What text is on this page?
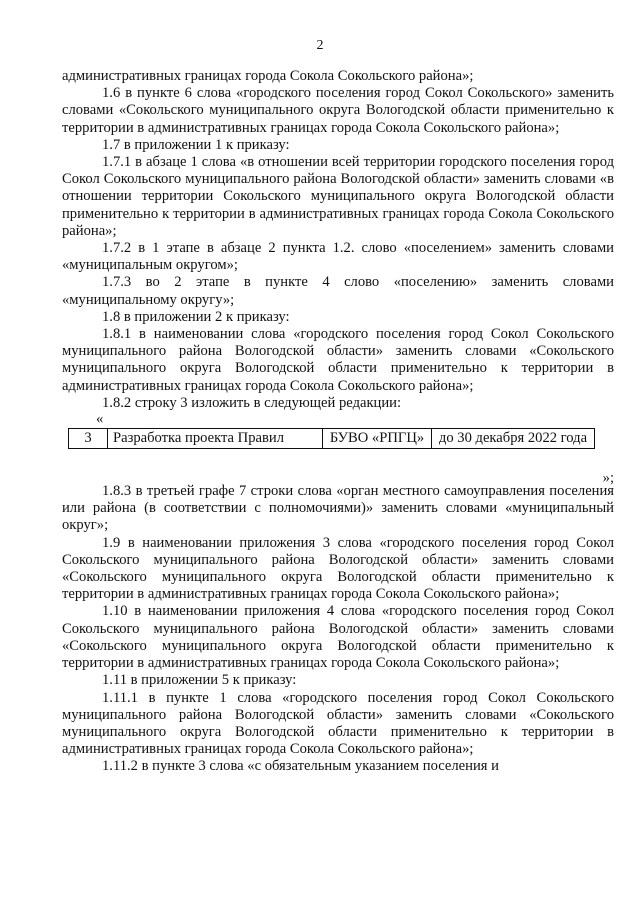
2

административных границах города Сокола Сокольского района»;

1.6 в пункте 6 слова «городского поселения город Сокол Сокольского» заменить словами «Сокольского муниципального округа Вологодской области применительно к территории в административных границах города Сокола Сокольского района»;

1.7 в приложении 1 к приказу:

1.7.1 в абзаце 1 слова «в отношении всей территории городского поселения город Сокол Сокольского муниципального района Вологодской области» заменить словами «в отношении территории Сокольского муниципального округа Вологодской области применительно к территории в административных границах города Сокола Сокольского района»;

1.7.2 в 1 этапе в абзаце 2 пункта 1.2. слово «поселением» заменить словами «муниципальным округом»;

1.7.3 во 2 этапе в пункте 4 слово «поселению» заменить словами «муниципальному округу»;

1.8 в приложении 2 к приказу:

1.8.1 в наименовании слова «городского поселения город Сокол Сокольского муниципального района Вологодской области» заменить словами «Сокольского муниципального округа Вологодской области применительно к территории в административных границах города Сокола Сокольского района»;

1.8.2 строку 3 изложить в следующей редакции:

«

3	Разработка проекта Правил	БУВО «РПГЦ»	до 30 декабря 2022 года

»;

1.8.3 в третьей графе 7 строки слова «орган местного самоуправления поселения или района (в соответствии с полномочиями)» заменить словами «муниципальный округ»;

1.9 в наименовании приложения 3 слова «городского поселения город Сокол Сокольского муниципального района Вологодской области» заменить словами «Сокольского муниципального округа Вологодской области применительно к территории в административных границах города Сокола Сокольского района»;

1.10 в наименовании приложения 4 слова «городского поселения город Сокол Сокольского муниципального района Вологодской области» заменить словами «Сокольского муниципального округа Вологодской области применительно к территории в административных границах города Сокола Сокольского района»;

1.11 в приложении 5 к приказу:

1.11.1 в пункте 1 слова «городского поселения город Сокол Сокольского муниципального района Вологодской области» заменить словами «Сокольского муниципального округа Вологодской области применительно к территории в административных границах города Сокола Сокольского района»;

1.11.2 в пункте 3 слова «с обязательным указанием поселения и
